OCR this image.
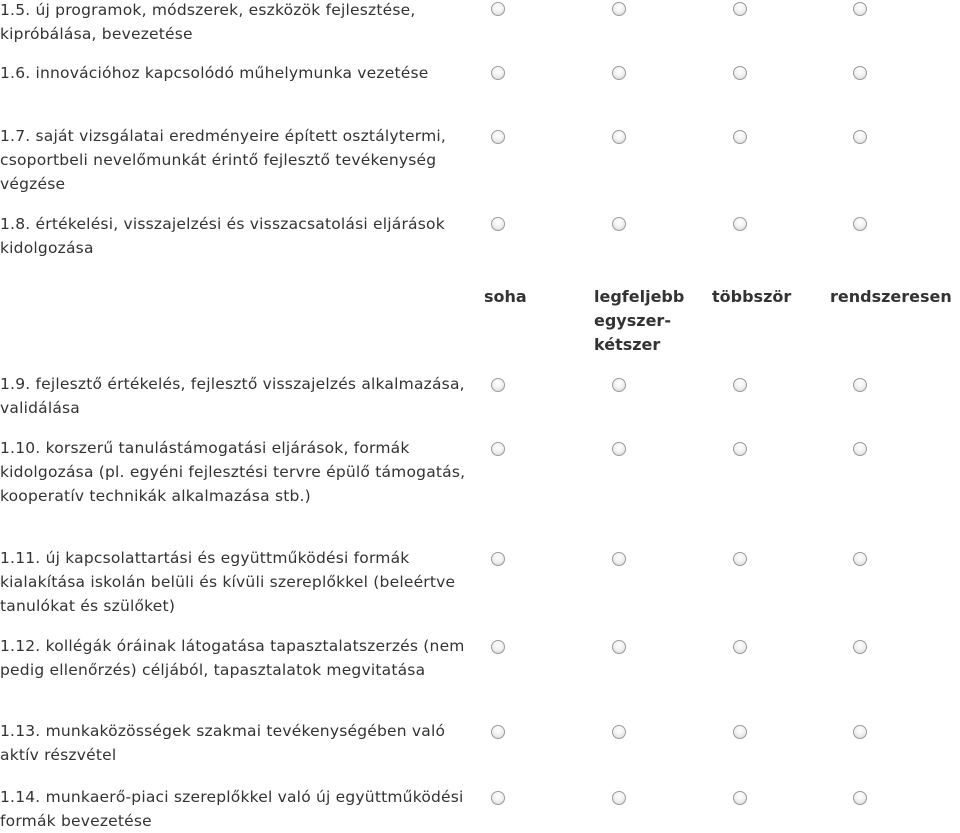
1.5. új programok, módszerek, eszközök fejlesztése, kipróbálása, bevezetése
1.6. innovációhoz kapcsolódó műhelymunka vezetése
1.7. saját vizsgálatai eredményeire épített osztálytermi, csoportbeli nevelőmunkát érintő fejlesztő tevékenység végzése
1.8. értékelési, visszajelzési és visszacsatolási eljárások kidolgozása
soha	legfeljebb egyszer-kétszer
többször rendszeresen
1.9. fejlesztő értékelés, fejlesztő visszajelzés alkalmazása, validálása
1.10. korszerű tanulástámogatási eljárások, formák kidolgozása (pl. egyéni fejlesztési tervre épülő támogatás, kooperatív technikák alkalmazása stb.)
1.11. új kapcsolattartási és együttműködési formák kialakítása iskolán belüli és kívüli szereplőkkel (beleértve tanulókat és szülőket)
1.12. kollégák óráinak látogatása tapasztalatszerzés (nem pedig ellenőrzés) céljából, tapasztalatok megvitatása
1.13. munkaközösségek szakmai tevékenységében való aktív részvétel
1.14. munkaerő-piaci szereplőkkel való új együttműködési formák bevezetése
